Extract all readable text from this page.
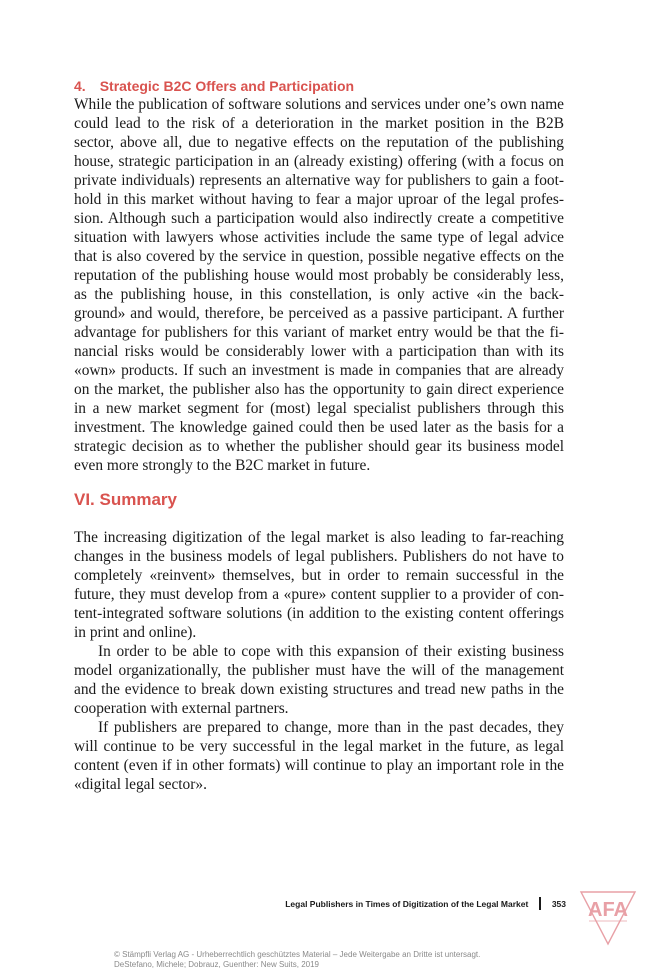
4. Strategic B2C Offers and Participation

While the publication of software solutions and services under one’s own name could lead to the risk of a deterioration in the market position in the B2B sector, above all, due to negative effects on the reputation of the publishing house, strategic participation in an (already existing) offering (with a focus on private individuals) represents an alternative way for publishers to gain a foot-hold in this market without having to fear a major uproar of the legal profes-sion. Although such a participation would also indirectly create a competitive situation with lawyers whose activities include the same type of legal advice that is also covered by the service in question, possible negative effects on the reputation of the publishing house would most probably be considerably less, as the publishing house, in this constellation, is only active «in the back-ground» and would, therefore, be perceived as a passive participant. A further advantage for publishers for this variant of market entry would be that the fi-nancial risks would be considerably lower with a participation than with its «own» products. If such an investment is made in companies that are already on the market, the publisher also has the opportunity to gain direct experience in a new market segment for (most) legal specialist publishers through this investment. The knowledge gained could then be used later as the basis for a strategic decision as to whether the publisher should gear its business model even more strongly to the B2C market in future.

VI. Summary

The increasing digitization of the legal market is also leading to far-reaching changes in the business models of legal publishers. Publishers do not have to completely «reinvent» themselves, but in order to remain successful in the future, they must develop from a «pure» content supplier to a provider of con-tent-integrated software solutions (in addition to the existing content offerings in print and online).

In order to be able to cope with this expansion of their existing business model organizationally, the publisher must have the will of the management and the evidence to break down existing structures and tread new paths in the cooperation with external partners.

If publishers are prepared to change, more than in the past decades, they will continue to be very successful in the legal market in the future, as legal content (even if in other formats) will continue to play an important role in the «digital legal sector».

Legal Publishers in Times of Digitization of the Legal Market	353 AFA
© Stämpfli Verlag AG - Urheberrechtlich geschütztes Material – Jede Weitergabe an Dritte ist untersagt.
DeStefano, Michele; Dobrauz, Guenther: New Suits, 2019
